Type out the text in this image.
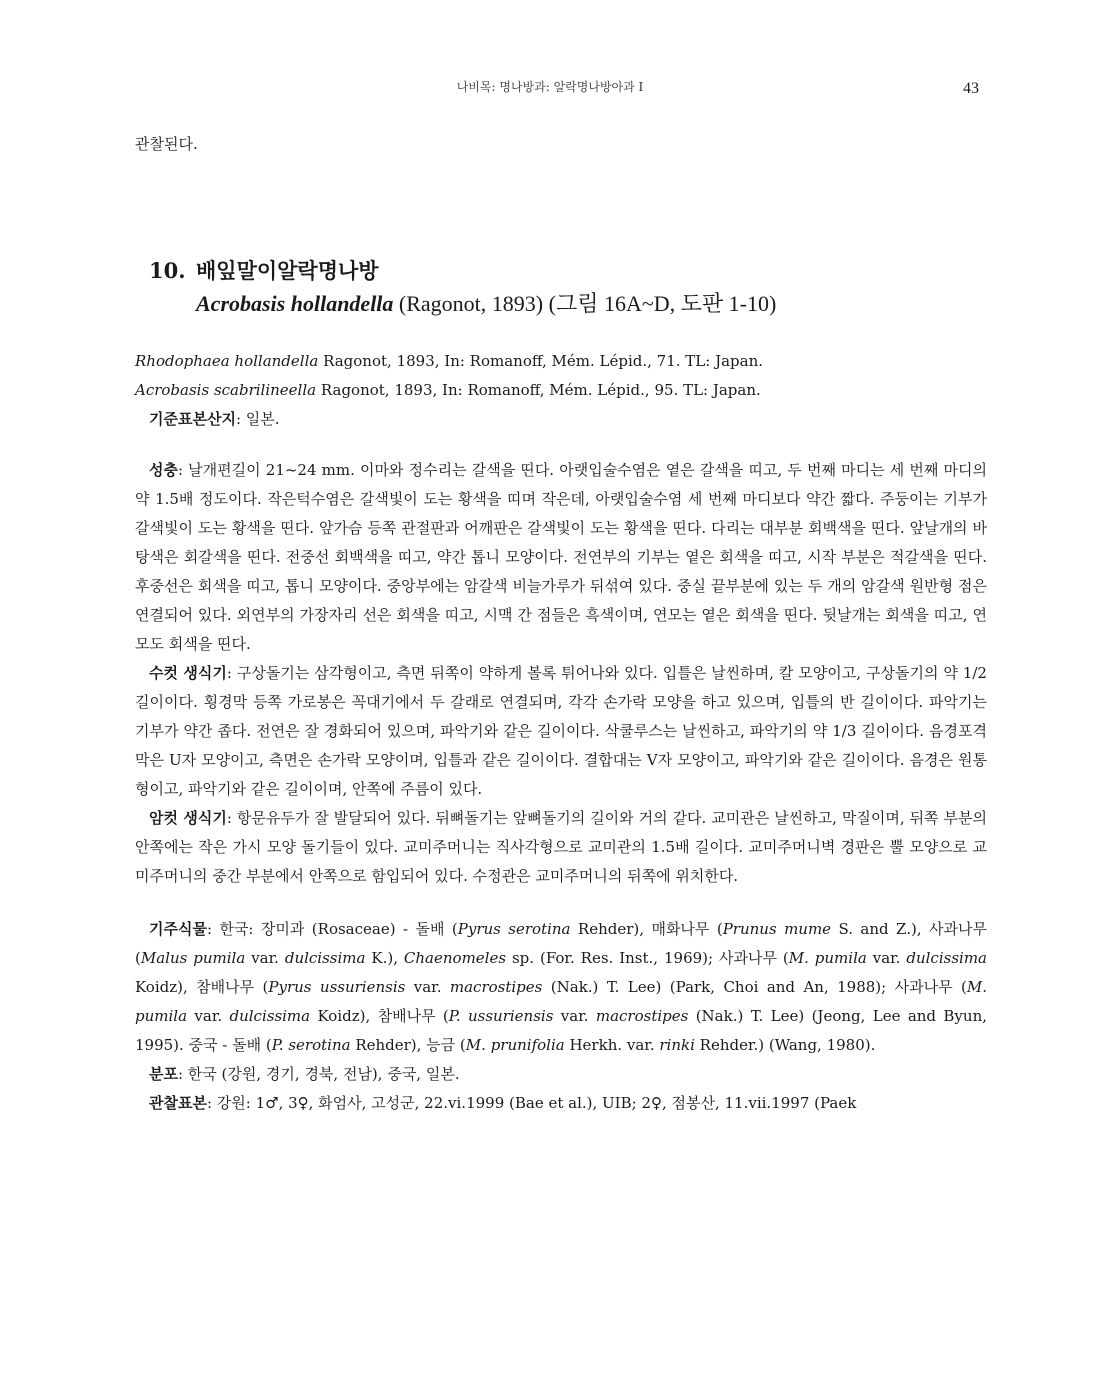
나비목: 명나방과: 알락명나방아과 I	43

관찰된다.

10. 배잎말이알락명나방
Acrobasis hollandella (Ragonot, 1893) (그림 16A~D, 도판 1-10)

Rhodophaea hollandella Ragonot, 1893, In: Romanoff, Mém. Lépid., 71. TL: Japan.

Acrobasis scabrilineella Ragonot, 1893, In: Romanoff, Mém. Lépid., 95. TL: Japan.

기준표본산지: 일본.

성충: 날개편길이 21~24 mm. 이마와 정수리는 갈색을 띤다. 아랫입술수염은 옅은 갈색을 띠고, 두 번째 마디는 세 번째 마디의 약 1.5배 정도이다. 작은턱수염은 갈색빛이 도는 황색을 띠며 작은데, 아랫입술수염 세 번째 마디보다 약간 짧다. 주둥이는 기부가 갈색빛이 도는 황색을 띤다. 앞가슴 등쪽 관절판과 어깨판은 갈색빛이 도는 황색을 띤다. 다리는 대부분 회백색을 띤다. 앞날개의 바탕색은 회갈색을 띤다. 전중선 회백색을 띠고, 약간 톱니 모양이다. 전연부의 기부는 옅은 회색을 띠고, 시작 부분은 적갈색을 띤다. 후중선은 회색을 띠고, 톱니 모양이다. 중앙부에는 암갈색 비늘가루가 뒤섞여 있다. 중실 끝부분에 있는 두 개의 암갈색 원반형 점은 연결되어 있다. 외연부의 가장자리 선은 회색을 띠고, 시맥 간 점들은 흑색이며, 연모는 옅은 회색을 띤다. 뒷날개는 회색을 띠고, 연모도 회색을 띤다.

수컷 생식기: 구상돌기는 삼각형이고, 측면 뒤쪽이 약하게 볼록 튀어나와 있다. 입틀은 날씬하며, 칼 모양이고, 구상돌기의 약 1/2 길이이다. 횡경막 등쪽 가로봉은 꼭대기에서 두 갈래로 연결되며, 각각 손가락 모양을 하고 있으며, 입틀의 반 길이이다. 파악기는 기부가 약간 좁다. 전연은 잘 경화되어 있으며, 파악기와 같은 길이이다. 삭쿨루스는 날씬하고, 파악기의 약 1/3 길이이다. 음경포격막은 U자 모양이고, 측면은 손가락 모양이며, 입틀과 같은 길이이다. 결합대는 V자 모양이고, 파악기와 같은 길이이다. 음경은 원통형이고, 파악기와 같은 길이이며, 안쪽에 주름이 있다.

암컷 생식기: 항문유두가 잘 발달되어 있다. 뒤뼈돌기는 앞뼈돌기의 길이와 거의 같다. 교미관은 날씬하고, 막질이며, 뒤쪽 부분의 안쪽에는 작은 가시 모양 돌기들이 있다. 교미주머니는 직사각형으로 교미관의 1.5배 길이다. 교미주머니벽 경판은 뿔 모양으로 교미주머니의 중간 부분에서 안쪽으로 함입되어 있다. 수정관은 교미주머니의 뒤쪽에 위치한다.

기주식물: 한국: 장미과 (Rosaceae) - 돌배 (Pyrus serotina Rehder), 매화나무 (Prunus mume S. and Z.), 사과나무 (Malus pumila var. dulcissima K.), Chaenomeles sp. (For. Res. Inst., 1969); 사과나무 (M. pumila var. dulcissima Koidz), 참배나무 (Pyrus ussuriensis var. macrostipes (Nak.) T. Lee) (Park, Choi and An, 1988); 사과나무 (M. pumila var. dulcissima Koidz), 참배나무 (P. ussuriensis var. macrostipes (Nak.) T. Lee) (Jeong, Lee and Byun, 1995). 중국 - 돌배 (P. serotina Rehder), 능금 (M. prunifolia Herkh. var. rinki Rehder.) (Wang, 1980).

분포: 한국 (강원, 경기, 경북, 전남), 중국, 일본.

관찰표본: 강원: 1♂, 3♀, 화엄사, 고성군, 22.vi.1999 (Bae et al.), UIB; 2♀, 점봉산, 11.vii.1997 (Paek
